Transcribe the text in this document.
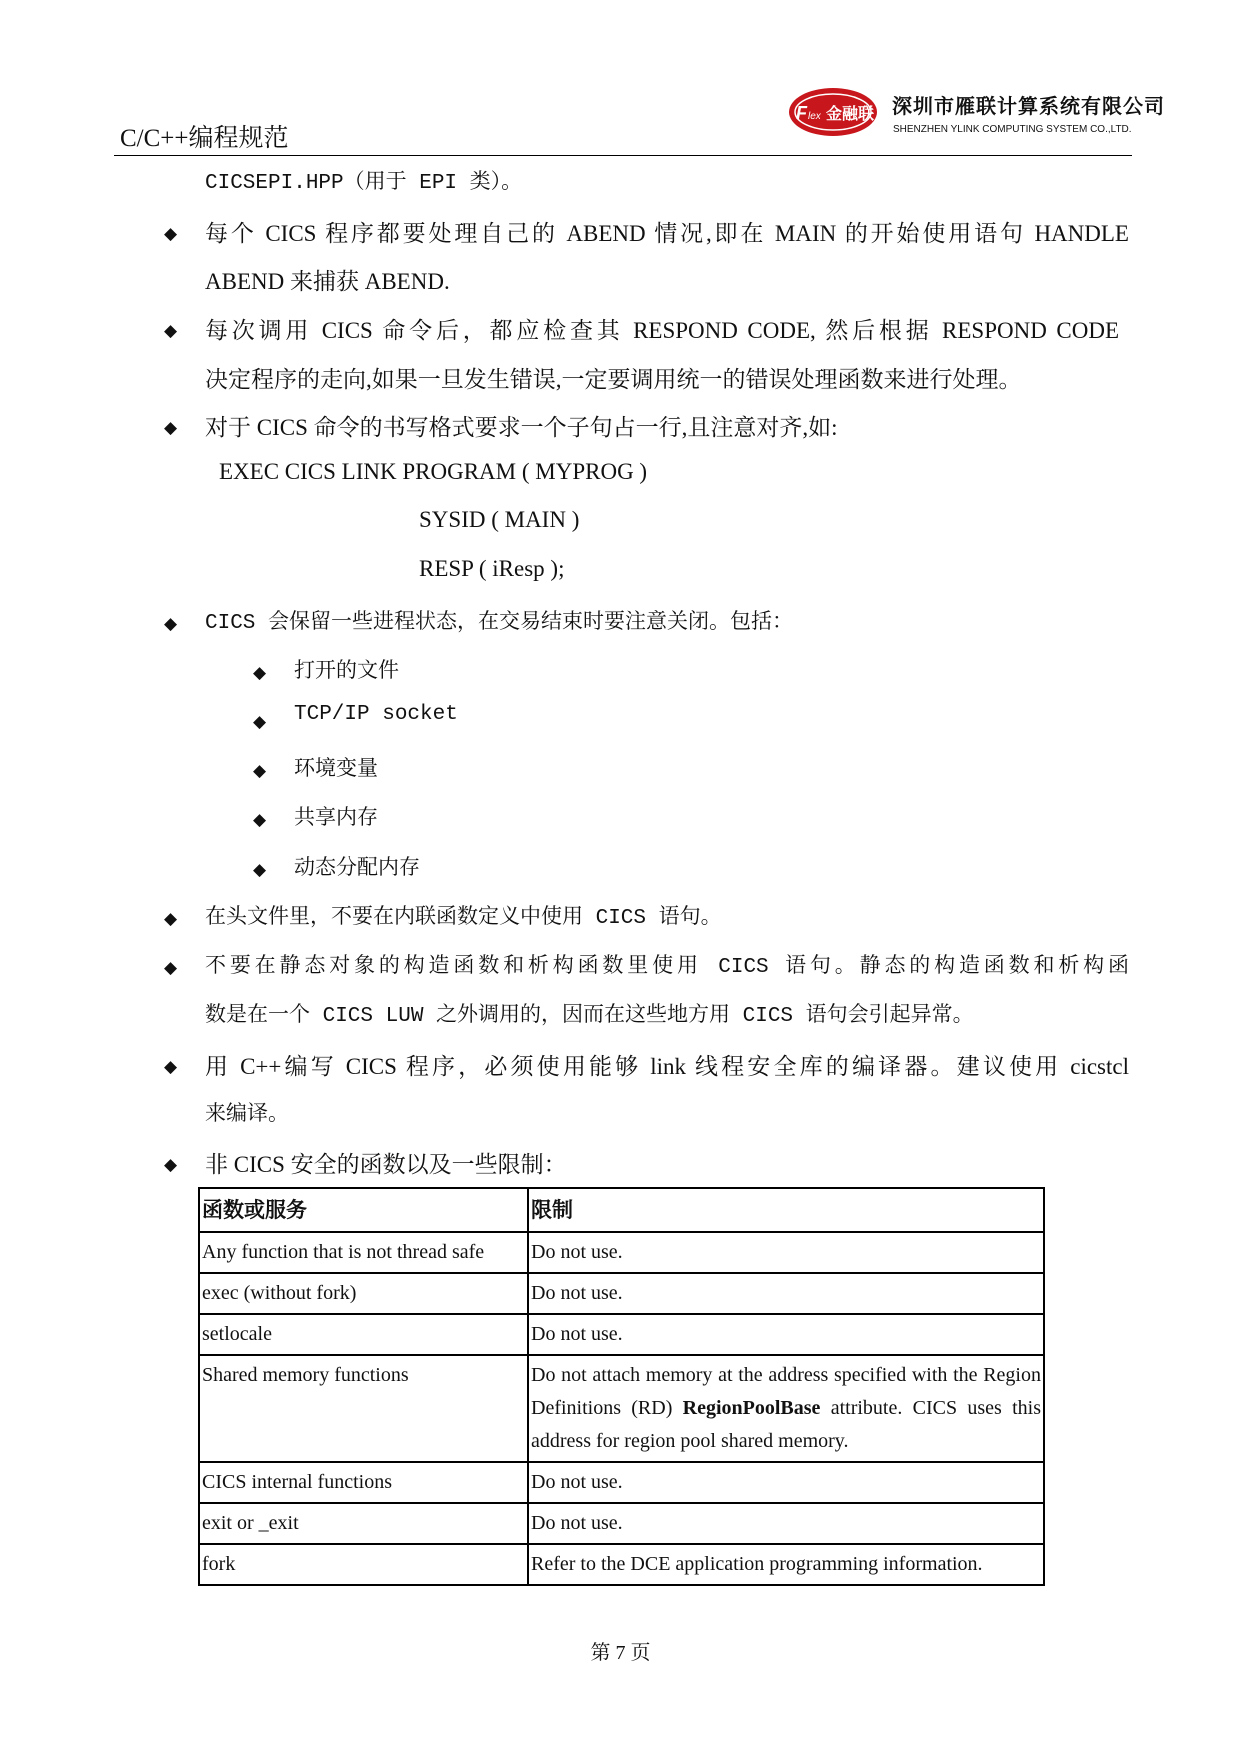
C/C++编程规范
F lex 金融联 深圳市雁联计算系统有限公司
SHENZHEN YLINK COMPUTING SYSTEM CO.,LTD.
CICSEPI.HPP（用于 EPI 类）。
◆ 每个 CICS 程序都要处理自己的 ABEND 情况,即在 MAIN 的开始使用语句 HANDLE
ABEND 来捕获 ABEND.
◆ 每次调用 CICS 命令后，都应检查其 RESPOND CODE, 然后根据 RESPOND CODE
决定程序的走向,如果一旦发生错误,一定要调用统一的错误处理函数来进行处理。
◆ 对于 CICS 命令的书写格式要求一个子句占一行,且注意对齐,如:
EXEC CICS LINK PROGRAM ( MYPROG )
SYSID ( MAIN )
RESP ( iResp );
◆ CICS 会保留一些进程状态，在交易结束时要注意关闭。包括：
◆ 打开的文件
◆ TCP/IP socket
◆ 环境变量
◆ 共享内存
◆ 动态分配内存
◆ 在头文件里，不要在内联函数定义中使用 CICS 语句。
◆ 不要在静态对象的构造函数和析构函数里使用 CICS 语句。静态的构造函数和析构函
数是在一个 CICS LUW 之外调用的，因而在这些地方用 CICS 语句会引起异常。
◆ 用 C++编写 CICS 程序，必须使用能够 link 线程安全库的编译器。建议使用 cicstcl
来编译。
◆ 非 CICS 安全的函数以及一些限制：
函数或服务	限制
Any function that is not thread safe	Do not use.
exec (without fork)	Do not use.
setlocale	Do not use.
Shared memory functions	Do not attach memory at the address specified with the Region Definitions (RD) RegionPoolBase attribute. CICS uses this address for region pool shared memory.
CICS internal functions	Do not use.
exit or _exit	Do not use.
fork	Refer to the DCE application programming information.
第 7 页
